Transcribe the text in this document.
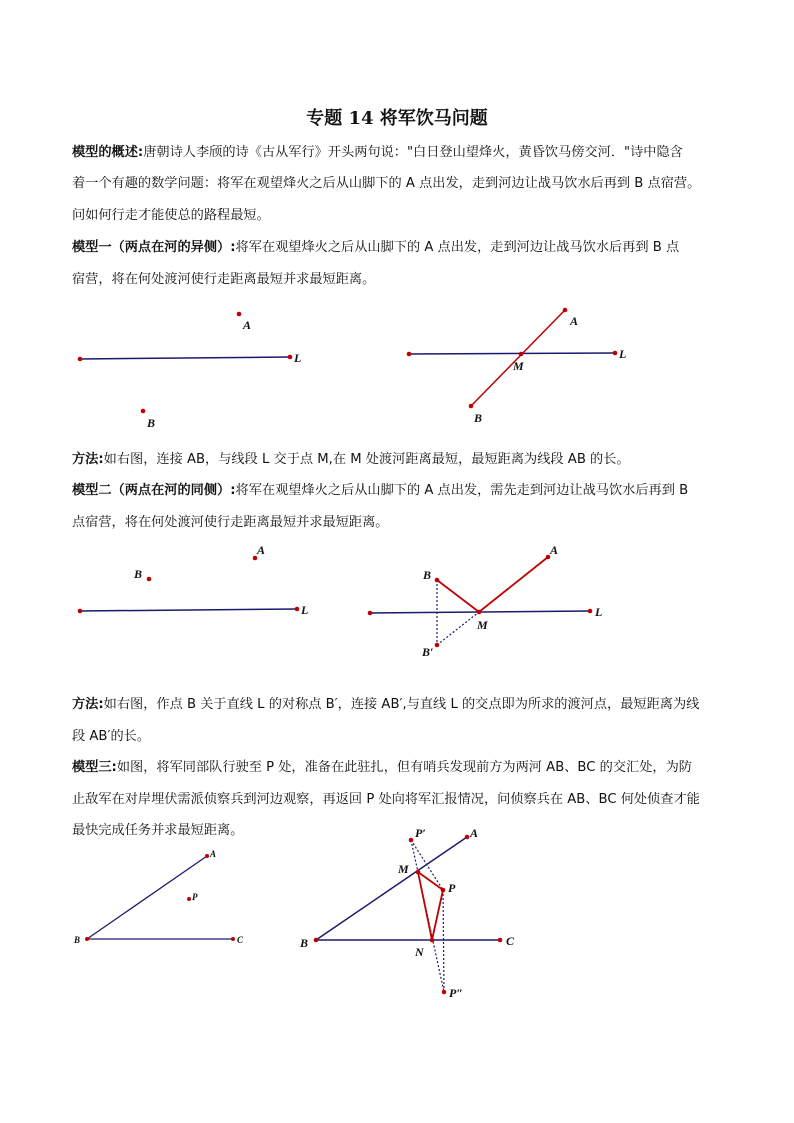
专题 14 将军饮马问题
模型的概述:唐朝诗人李颀的诗《古从军行》开头两句说："白日登山望烽火，黄昏饮马傍交河．"诗中隐含
着一个有趣的数学问题：将军在观望烽火之后从山脚下的 A 点出发，走到河边让战马饮水后再到 B 点宿营。
问如何行走才能使总的路程最短。
模型一（两点在河的异侧）:将军在观望烽火之后从山脚下的 A 点出发，走到河边让战马饮水后再到 B 点
宿营，将在何处渡河使行走距离最短并求最短距离。
方法:如右图，连接 AB，与线段 L 交于点 M,在 M 处渡河距离最短，最短距离为线段 AB 的长。
模型二（两点在河的同侧）:将军在观望烽火之后从山脚下的 A 点出发，需先走到河边让战马饮水后再到 B
点宿营，将在何处渡河使行走距离最短并求最短距离。
方法:如右图，作点 B 关于直线 L 的对称点 B′，连接 AB′,与直线 L 的交点即为所求的渡河点，最短距离为线
段 AB′的长。
模型三:如图，将军同部队行驶至 P 处，准备在此驻扎，但有哨兵发现前方为两河 AB、BC 的交汇处，为防
止敌军在对岸埋伏需派侦察兵到河边观察，再返回 P 处向将军汇报情况，问侦察兵在 AB、BC 何处侦查才能
最快完成任务并求最短距离。
L
A
B
L
A
M
B
L
A
B
L
B
A
M
B′
B
A
C
P
B
A
C
P′
M
P
N
P″
